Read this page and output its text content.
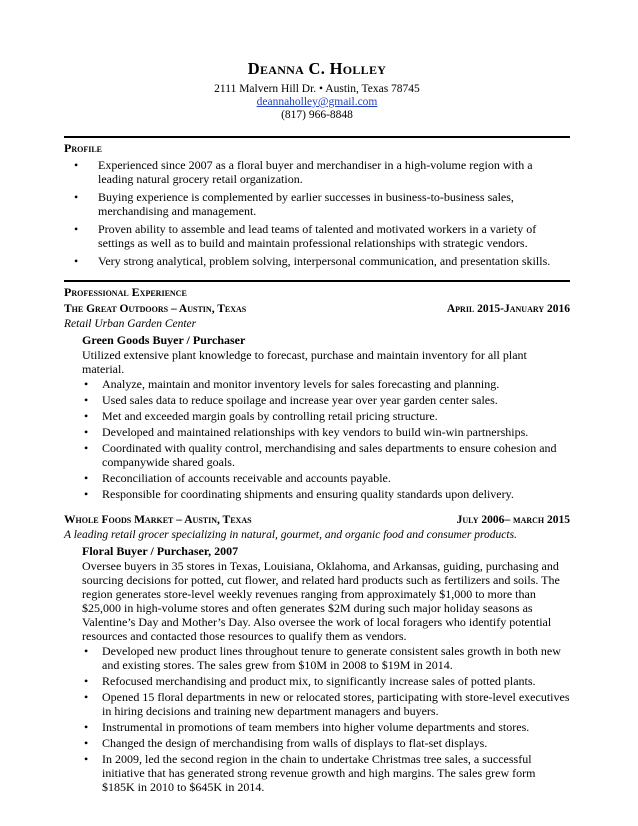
Deanna C. Holley
2111 Malvern Hill Dr. • Austin, Texas 78745
deannaholley@gmail.com
(817) 966-8848
Profile
• Experienced since 2007 as a floral buyer and merchandiser in a high-volume region with a leading natural grocery retail organization.
• Buying experience is complemented by earlier successes in business-to-business sales, merchandising and management.
• Proven ability to assemble and lead teams of talented and motivated workers in a variety of settings as well as to build and maintain professional relationships with strategic vendors.
• Very strong analytical, problem solving, interpersonal communication, and presentation skills.
Professional Experience
The Great Outdoors – Austin, Texas	April 2015-January 2016
Retail Urban Garden Center
Green Goods Buyer / Purchaser
Utilized extensive plant knowledge to forecast, purchase and maintain inventory for all plant material.
• Analyze, maintain and monitor inventory levels for sales forecasting and planning.
• Used sales data to reduce spoilage and increase year over year garden center sales.
• Met and exceeded margin goals by controlling retail pricing structure.
• Developed and maintained relationships with key vendors to build win-win partnerships.
• Coordinated with quality control, merchandising and sales departments to ensure cohesion and companywide shared goals.
• Reconciliation of accounts receivable and accounts payable.
• Responsible for coordinating shipments and ensuring quality standards upon delivery.
Whole Foods Market – Austin, Texas	July 2006– march 2015
A leading retail grocer specializing in natural, gourmet, and organic food and consumer products.
Floral Buyer / Purchaser, 2007
Oversee buyers in 35 stores in Texas, Louisiana, Oklahoma, and Arkansas, guiding, purchasing and sourcing decisions for potted, cut flower, and related hard products such as fertilizers and soils. The region generates store-level weekly revenues ranging from approximately $1,000 to more than $25,000 in high-volume stores and often generates $2M during such major holiday seasons as Valentine’s Day and Mother’s Day. Also oversee the work of local foragers who identify potential resources and contacted those resources to qualify them as vendors.
• Developed new product lines throughout tenure to generate consistent sales growth in both new and existing stores. The sales grew from $10M in 2008 to $19M in 2014.
• Refocused merchandising and product mix, to significantly increase sales of potted plants.
• Opened 15 floral departments in new or relocated stores, participating with store-level executives in hiring decisions and training new department managers and buyers.
• Instrumental in promotions of team members into higher volume departments and stores.
• Changed the design of merchandising from walls of displays to flat-set displays.
• In 2009, led the second region in the chain to undertake Christmas tree sales, a successful initiative that has generated strong revenue growth and high margins. The sales grew form $185K in 2010 to $645K in 2014.
